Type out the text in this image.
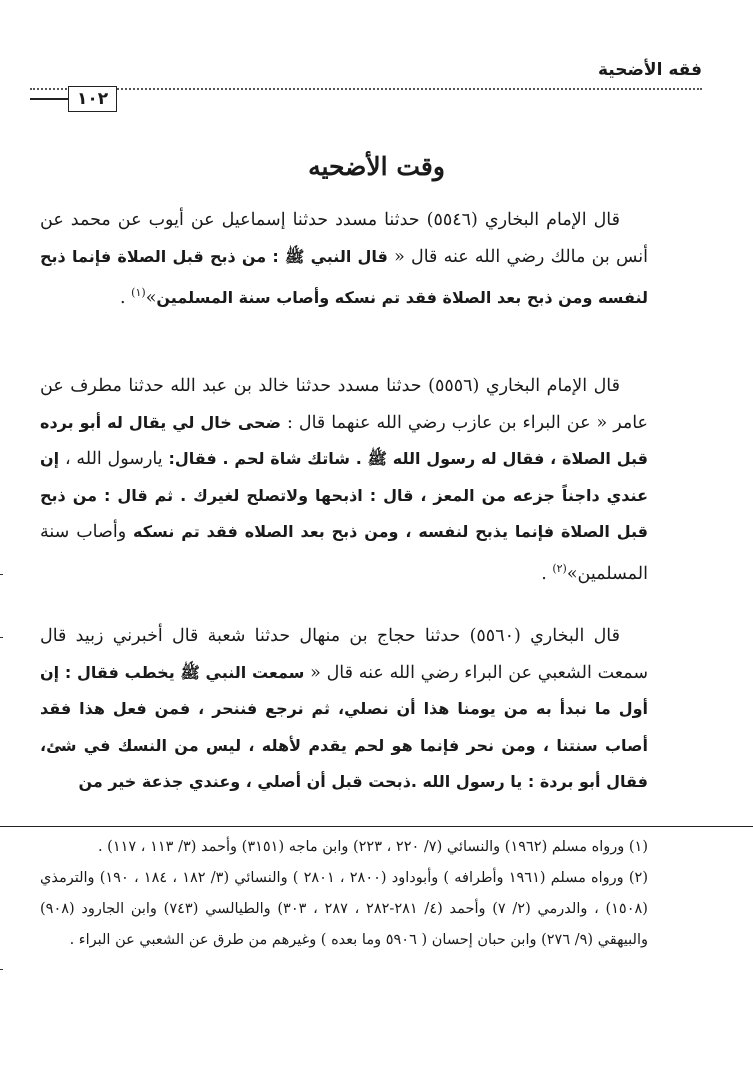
فقه الأضحية
١٠٢
وقت الأضحيه

قال الإمام البخاري (٥٥٤٦) حدثنا مسدد حدثنا إسماعيل عن أيوب عن محمد عن أنس بن مالك رضي الله عنه قال « قال النبي ﷺ : من ذبح قبل الصلاة فإنما ذبح لنفسه ومن ذبح بعد الصلاة فقد تم نسكه وأصاب سنة المسلمين»$^{(١)}$ .

قال الإمام البخاري (٥٥٥٦) حدثنا مسدد حدثنا خالد بن عبد الله حدثنا مطرف عن عامر « عن البراء بن عازب رضي الله عنهما قال : ضحى خال لي يقال له أبو برده قبل الصلاة ، فقال له رسول الله ﷺ . شاتك شاة لحم . فقال: يارسول الله ، إن عندي داجناً جزعه من المعز ، قال : اذبحها ولاتصلح لغيرك . ثم قال : من ذبح قبل الصلاة فإنما يذبح لنفسه ، ومن ذبح بعد الصلاه فقد تم نسكه وأصاب سنة المسلمين»$^{(٢)}$ .

قال البخاري (٥٥٦٠) حدثنا حجاج بن منهال حدثنا شعبة قال أخبرني زبيد قال سمعت الشعبي عن البراء رضي الله عنه قال « سمعت النبي ﷺ يخطب فقال : إن أول ما نبدأ به من يومنا هذا أن نصلي، ثم نرجع فننحر ، فمن فعل هذا فقد أصاب سنتنا ، ومن نحر فإنما هو لحم يقدم لأهله ، ليس من النسك في شئ، فقال أبو بردة : يا رسول الله .ذبحت قبل أن أصلي ، وعندي جذعة خير من

(١) ورواه مسلم (١٩٦٢) والنسائي (٧/ ٢٢٠ ، ٢٢٣) وابن ماجه (٣١٥١) وأحمد (٣/ ١١٣ ، ١١٧) .

(٢) ورواه مسلم (١٩٦١ وأطرافه ) وأبوداود (٢٨٠٠ ، ٢٨٠١ ) والنسائي (٣/ ١٨٢ ، ١٨٤ ، ١٩٠) والترمذي (١٥٠٨) ، والدرمي (٢/ ٧) وأحمد (٤/ ٢٨١-٢٨٢ ، ٢٨٧ ، ٣٠٣) والطيالسي (٧٤٣) وابن الجارود (٩٠٨) والبيهقي (٩/ ٢٧٦) وابن حبان إحسان ( ٥٩٠٦ وما بعده ) وغيرهم من طرق عن الشعبي عن البراء .
